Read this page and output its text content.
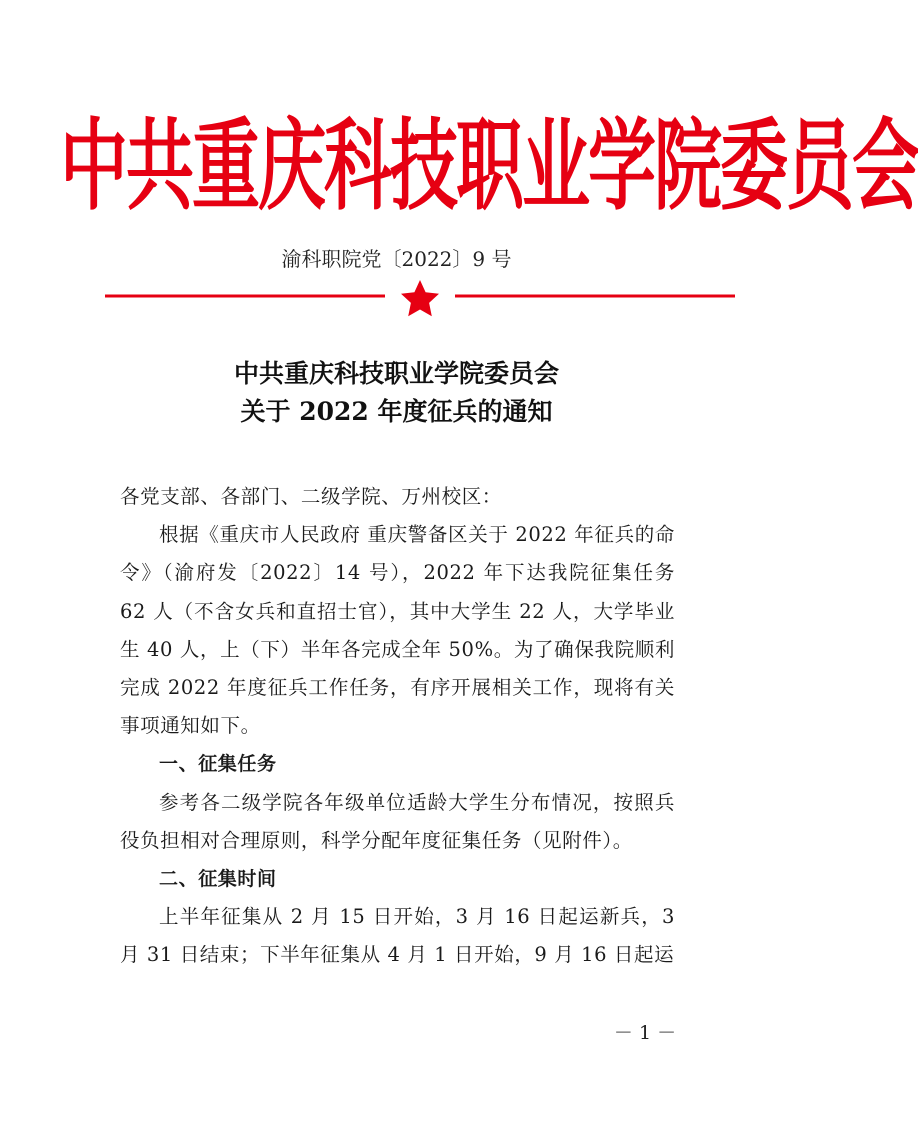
中共重庆科技职业学院委员会
渝科职院党〔2022〕9 号
中共重庆科技职业学院委员会
关于 2022 年度征兵的通知

各党支部、各部门、二级学院、万州校区：

根据《重庆市人民政府 重庆警备区关于 2022 年征兵的命令》（渝府发〔2022〕14 号），2022 年下达我院征集任务 62 人（不含女兵和直招士官），其中大学生 22 人，大学毕业生 40 人，上（下）半年各完成全年 50%。为了确保我院顺利完成 2022 年度征兵工作任务，有序开展相关工作，现将有关事项通知如下。

一、征集任务

参考各二级学院各年级单位适龄大学生分布情况，按照兵役负担相对合理原则，科学分配年度征集任务（见附件）。

二、征集时间

上半年征集从 2 月 15 日开始，3 月 16 日起运新兵，3 月 31 日结束；下半年征集从 4 月 1 日开始，9 月 16 日起运

－ 1 －
